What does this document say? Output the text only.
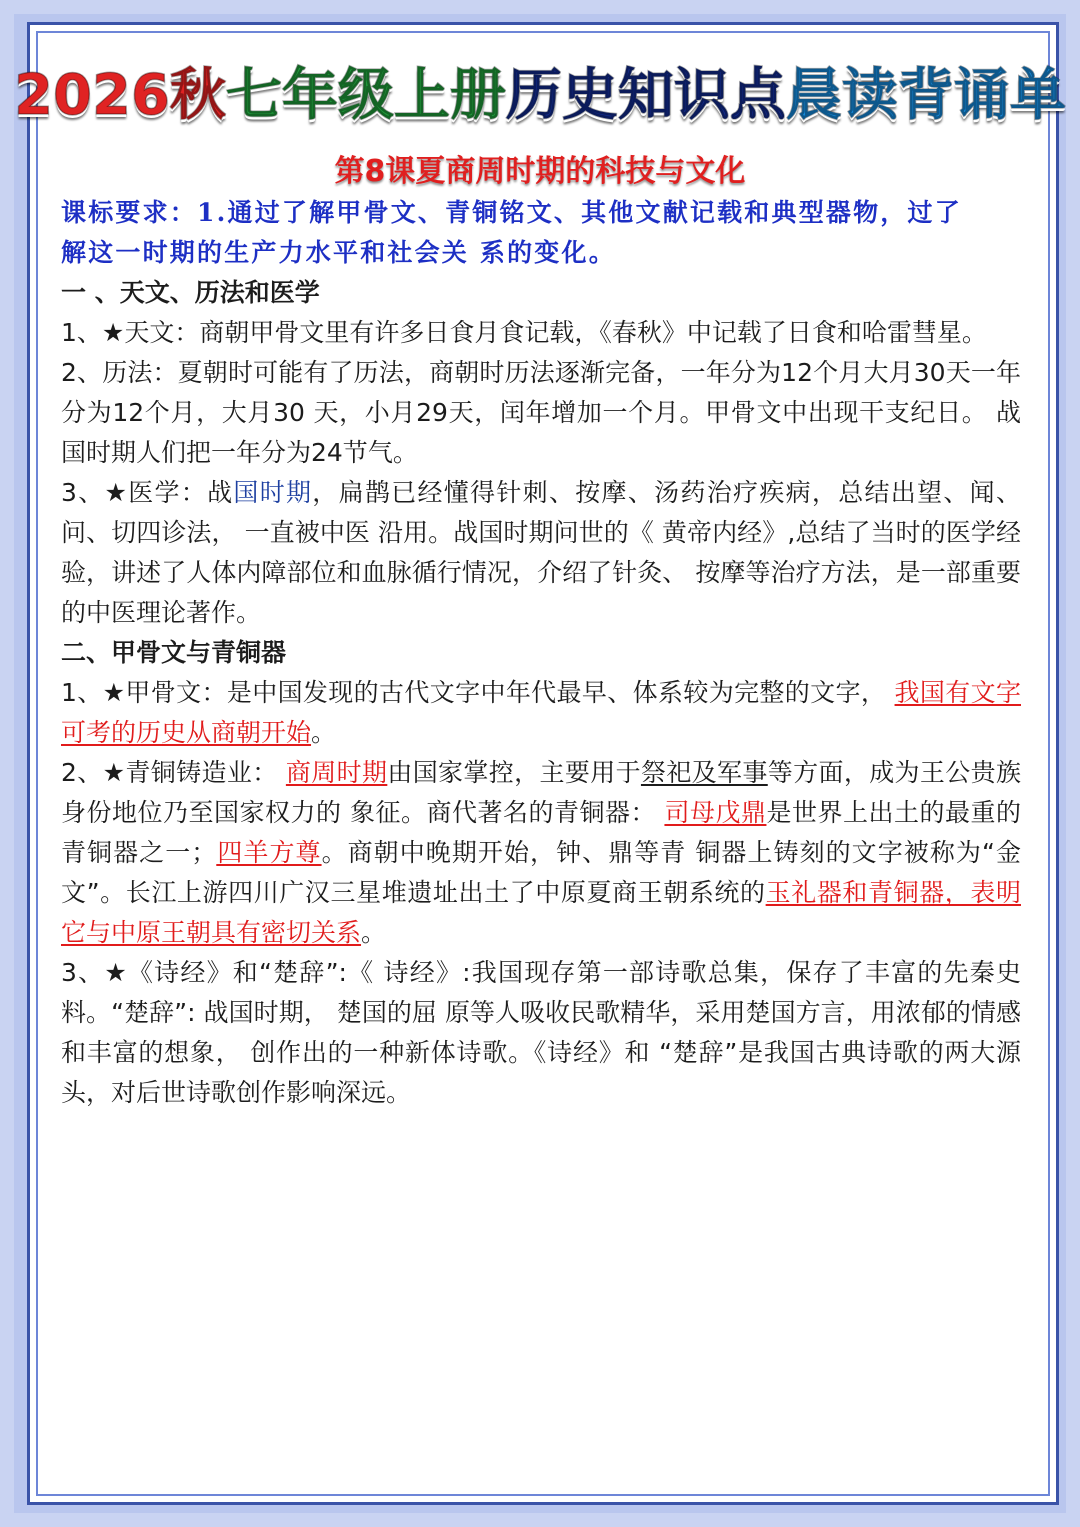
2026秋七年级上册历史知识点晨读背诵单
第8课夏商周时期的科技与文化
课标要求：1.通过了解甲骨文、青铜铭文、其他文献记载和典型器物，过了
解这一时期的生产力水平和社会关 系的变化。
一 、天文、历法和医学
1、★天文：商朝甲骨文里有许多日食月食记载，《春秋》中记载了日食和哈雷彗星。
2、历法：夏朝时可能有了历法，商朝时历法逐渐完备，一年分为12个月大月30天一年分为12个月，大月30 天，小月29天，闰年增加一个月。甲骨文中出现干支纪日。 战国时期人们把一年分为24节气。
3、★医学：战国时期，扁鹊已经懂得针刺、按摩、汤药治疗疾病，总结出望、闻、问、切四诊法， 一直被中医 沿用。战国时期问世的《 黄帝内经》,总结了当时的医学经验，讲述了人体内障部位和血脉循行情况，介绍了针灸、 按摩等治疗方法，是一部重要的中医理论著作。
二、甲骨文与青铜器
1、★甲骨文：是中国发现的古代文字中年代最早、体系较为完整的文字， 我国有文字可考的历史从商朝开始。
2、★青铜铸造业： 商周时期由国家掌控，主要用于祭祀及军事等方面，成为王公贵族身份地位乃至国家权力的 象征。商代著名的青铜器： 司母戊鼎是世界上出土的最重的青铜器之一；四羊方尊。商朝中晚期开始，钟、鼎等青 铜器上铸刻的文字被称为“金文”。长江上游四川广汉三星堆遗址出土了中原夏商王朝系统的玉礼器和青铜器，表明它与中原王朝具有密切关系。
3、★《诗经》和“楚辞”:《 诗经》:我国现存第一部诗歌总集，保存了丰富的先秦史料。“楚辞”: 战国时期， 楚国的屈 原等人吸收民歌精华，采用楚国方言，用浓郁的情感和丰富的想象， 创作出的一种新体诗歌。《诗经》和 “楚辞”是我国古典诗歌的两大源头，对后世诗歌创作影响深远。
